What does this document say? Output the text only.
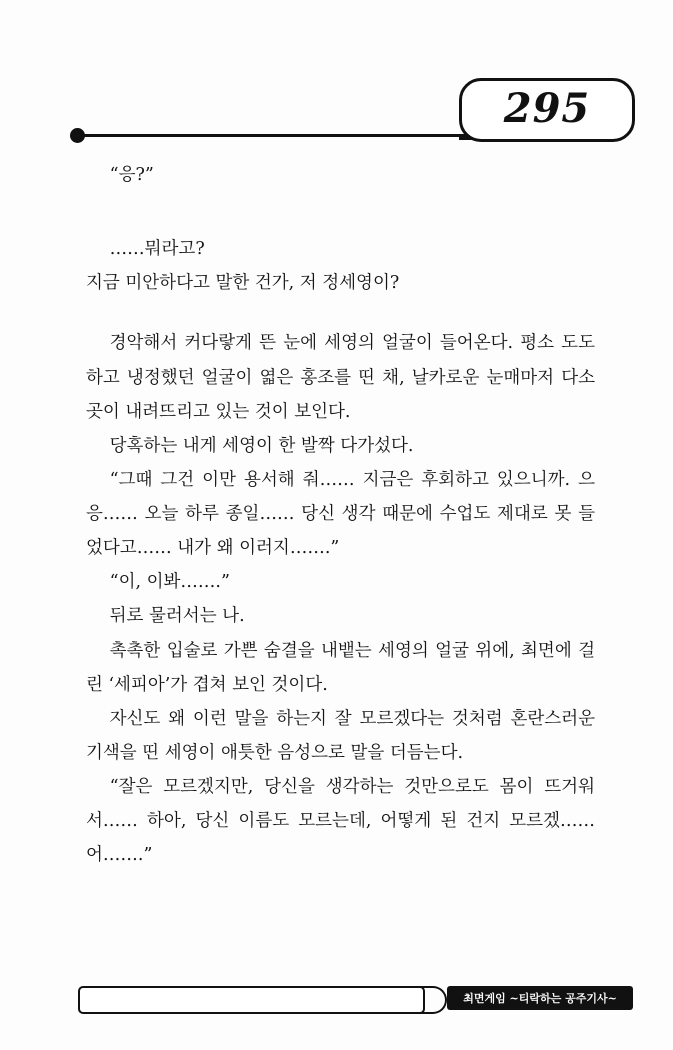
295

“응?”

……뭐라고?

지금 미안하다고 말한 건가, 저 정세영이?

경악해서 커다랗게 뜬 눈에 세영의 얼굴이 들어온다. 평소 도도하고 냉정했던 얼굴이 엷은 홍조를 띤 채, 날카로운 눈매마저 다소곳이 내려뜨리고 있는 것이 보인다.

당혹하는 내게 세영이 한 발짝 다가섰다.

“그때 그건 이만 용서해 줘…… 지금은 후회하고 있으니까. 으응…… 오늘 하루 종일…… 당신 생각 때문에 수업도 제대로 못 들었다고…… 내가 왜 이러지…….”

“이, 이봐…….”

뒤로 물러서는 나.

촉촉한 입술로 가쁜 숨결을 내뱉는 세영의 얼굴 위에, 최면에 걸린 ‘세피아’가 겹쳐 보인 것이다.

자신도 왜 이런 말을 하는지 잘 모르겠다는 것처럼 혼란스러운 기색을 띤 세영이 애틋한 음성으로 말을 더듬는다.

“잘은 모르겠지만, 당신을 생각하는 것만으로도 몸이 뜨거워서…… 하아, 당신 이름도 모르는데, 어떻게 된 건지 모르겠…… 어…….”

최면게임 ~티락하는 공주기사~
